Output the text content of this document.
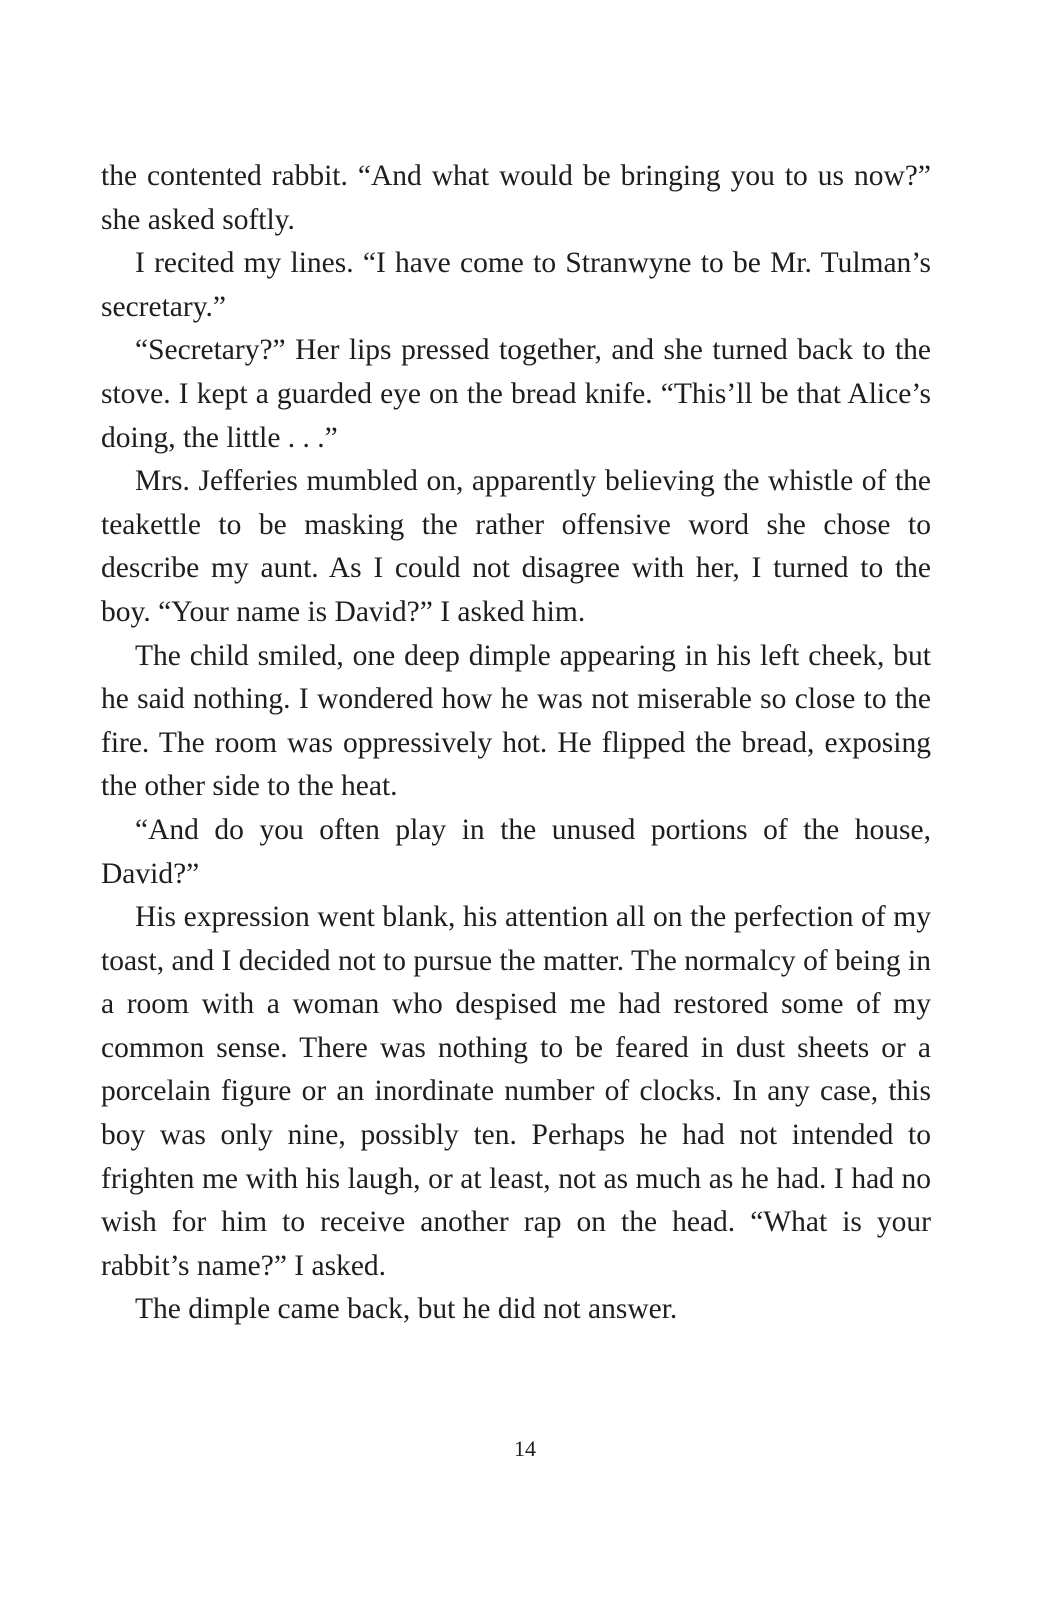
the contented rabbit. “And what would be bringing you to us now?” she asked softly.

I recited my lines. “I have come to Stranwyne to be Mr. Tulman’s secretary.”

“Secretary?” Her lips pressed together, and she turned back to the stove. I kept a guarded eye on the bread knife. “This’ll be that Alice’s doing, the little . . .”

Mrs. Jefferies mumbled on, apparently believing the whistle of the teakettle to be masking the rather offensive word she chose to describe my aunt. As I could not disagree with her, I turned to the boy. “Your name is David?” I asked him.

The child smiled, one deep dimple appearing in his left cheek, but he said nothing. I wondered how he was not miserable so close to the fire. The room was oppressively hot. He flipped the bread, exposing the other side to the heat.

“And do you often play in the unused portions of the house, David?”

His expression went blank, his attention all on the perfection of my toast, and I decided not to pursue the matter. The normalcy of being in a room with a woman who despised me had restored some of my common sense. There was nothing to be feared in dust sheets or a porcelain figure or an inordinate number of clocks. In any case, this boy was only nine, possibly ten. Perhaps he had not intended to frighten me with his laugh, or at least, not as much as he had. I had no wish for him to receive another rap on the head. “What is your rabbit’s name?” I asked.

The dimple came back, but he did not answer.

14
